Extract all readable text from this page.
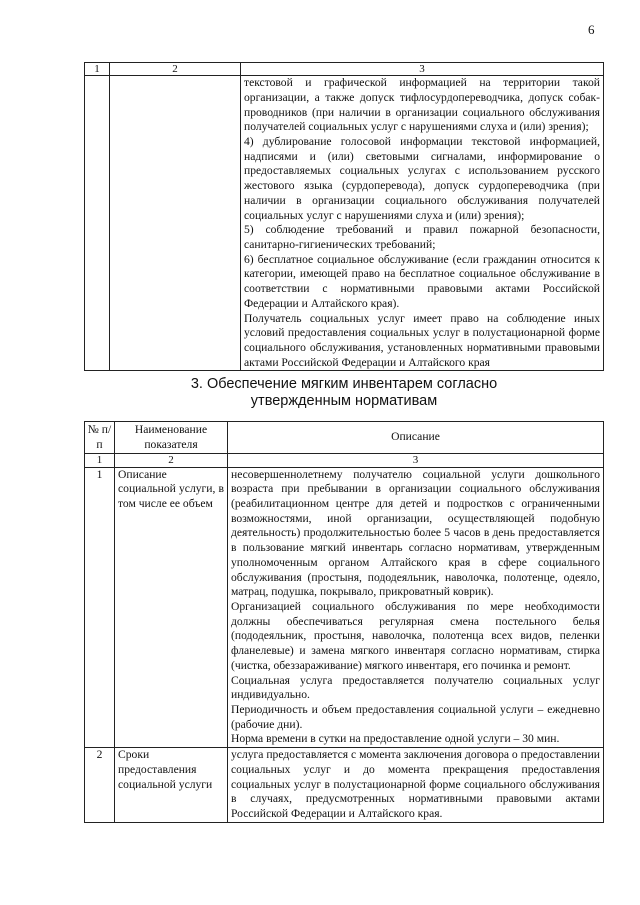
6
1	2	3

		текстовой и графической информацией на территории такой организации, а также допуск тифлосурдопереводчика, допуск собак-проводников (при наличии в организации социального обслуживания получателей социальных услуг с нарушениями слуха и (или) зрения);
4) дублирование голосовой информации текстовой информацией, надписями и (или) световыми сигналами, информирование о предоставляемых социальных услугах с использованием русского жестового языка (сурдоперевода), допуск сурдопереводчика (при наличии в организации социального обслуживания получателей социальных услуг с нарушениями слуха и (или) зрения);
5) соблюдение требований и правил пожарной безопасности, санитарно-гигиенических требований;
6) бесплатное социальное обслуживание (если гражданин относится к категории, имеющей право на бесплатное социальное обслуживание в соответствии с нормативными правовыми актами Российской Федерации и Алтайского края).
Получатель социальных услуг имеет право на соблюдение иных условий предоставления социальных услуг в полустационарной форме социального обслуживания, установленных нормативными правовыми актами Российской Федерации и Алтайского края
3. Обеспечение мягким инвентарем согласно
утвержденным нормативам
№ п/п	Наименование показателя	Описание
1	2	3
1	Описание социальной услуги, в том числе ее объем	несовершеннолетнему получателю социальной услуги дошкольного возраста при пребывании в организации социального обслуживания (реабилитационном центре для детей и подростков с ограниченными возможностями, иной организации, осуществляющей подобную деятельность) продолжительностью более 5 часов в день предоставляется в пользование мягкий инвентарь согласно нормативам, утвержденным уполномоченным органом Алтайского края в сфере социального обслуживания (простыня, пододеяльник, наволочка, полотенце, одеяло, матрац, подушка, покрывало, прикроватный коврик).
Организацией социального обслуживания по мере необходимости должны обеспечиваться регулярная смена постельного белья (пододеяльник, простыня, наволочка, полотенца всех видов, пеленки фланелевые) и замена мягкого инвентаря согласно нормативам, стирка (чистка, обеззараживание) мягкого инвентаря, его починка и ремонт.
Социальная услуга предоставляется получателю социальных услуг индивидуально.
Периодичность и объем предоставления социальной услуги – ежедневно (рабочие дни).
Норма времени в сутки на предоставление одной услуги – 30 мин.

2	Сроки предоставления социальной услуги	услуга предоставляется с момента заключения договора о предоставлении социальных услуг и до момента прекращения предоставления социальных услуг в полустационарной форме социального обслуживания в случаях, предусмотренных нормативными правовыми актами Российской Федерации и Алтайского края.
